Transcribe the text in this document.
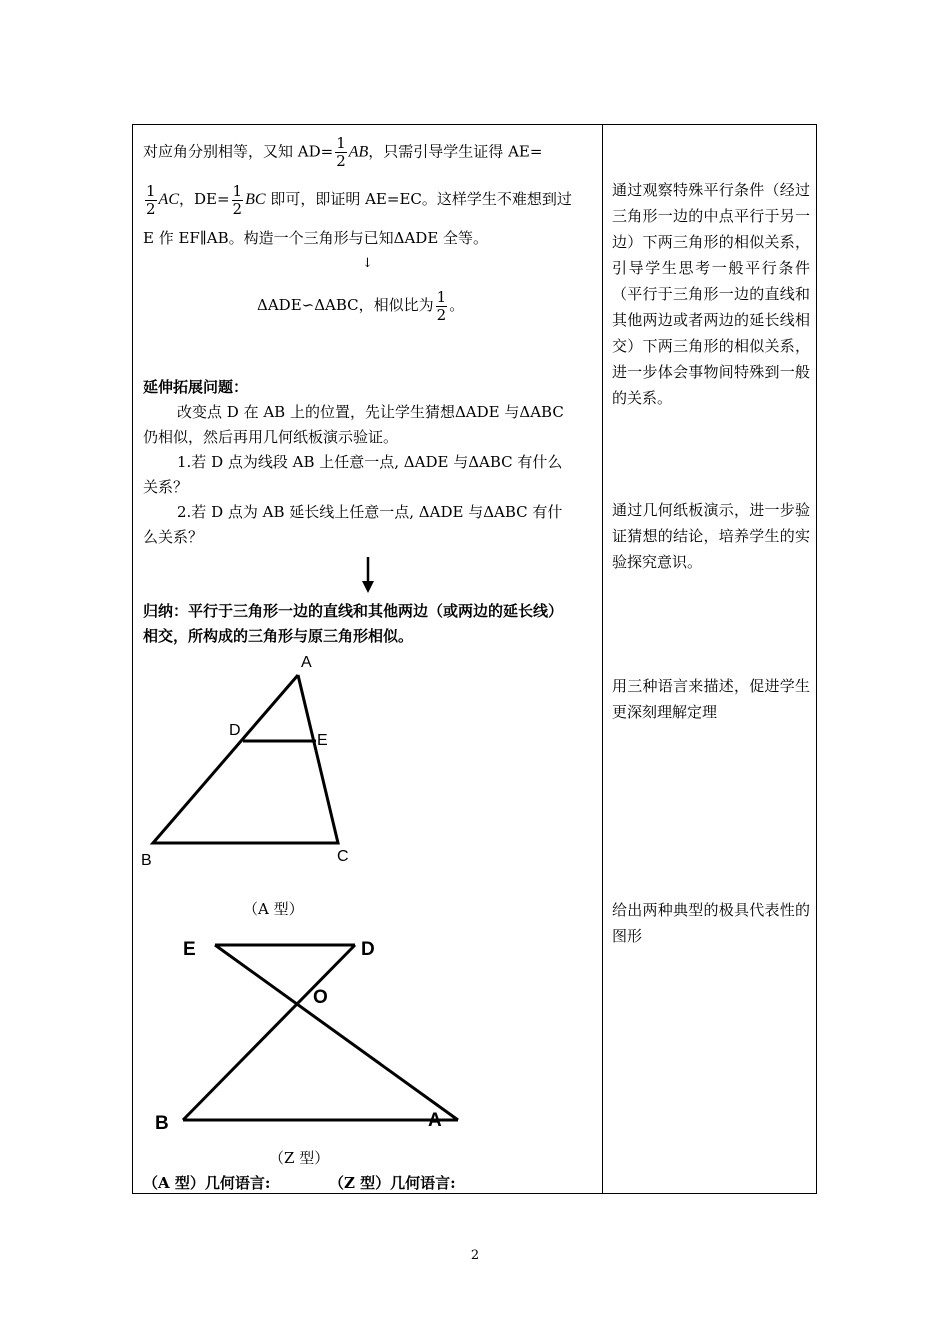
对应角分别相等，又知 $AD= \frac{1}{2}$ AB，只需引导学生证得 AE=
$\frac{1}{2}$ AC，$DE= \frac{1}{2}$ BC 即可，即证明 AE=EC。这样学生不难想到过
E 作 EF∥AB。构造一个三角形与已知ΔADE 全等。
↓
ΔADE∽ΔABC，相似比为 $\frac{1}{2}$ 。
延伸拓展问题：
改变点 D 在 AB 上的位置，先让学生猜想ΔADE 与ΔABC
仍相似，然后再用几何纸板演示验证。
1.若 D 点为线段 AB 上任意一点, ΔADE 与ΔABC 有什么
关系？
2.若 D 点为 AB 延长线上任意一点, ΔADE 与ΔABC 有什
么关系？
归纳：平行于三角形一边的直线和其他两边（或两边的延长线）
相交，所构成的三角形与原三角形相似。
A
D
E
B	C
（A 型）
E	D
O
B	A
（Z 型）
（A 型）几何语言:	（Z 型）几何语言:
通过观察特殊平行条件（经过三角形一边的中点平行于另一边）下两三角形的相似关系，引导学生思考一般平行条件（平行于三角形一边的直线和其他两边或者两边的延长线相交）下两三角形的相似关系，进一步体会事物间特殊到一般的关系。
通过几何纸板演示，进一步验证猜想的结论，培养学生的实验探究意识。
用三种语言来描述，促进学生更深刻理解定理
给出两种典型的极具代表性的图形
2
